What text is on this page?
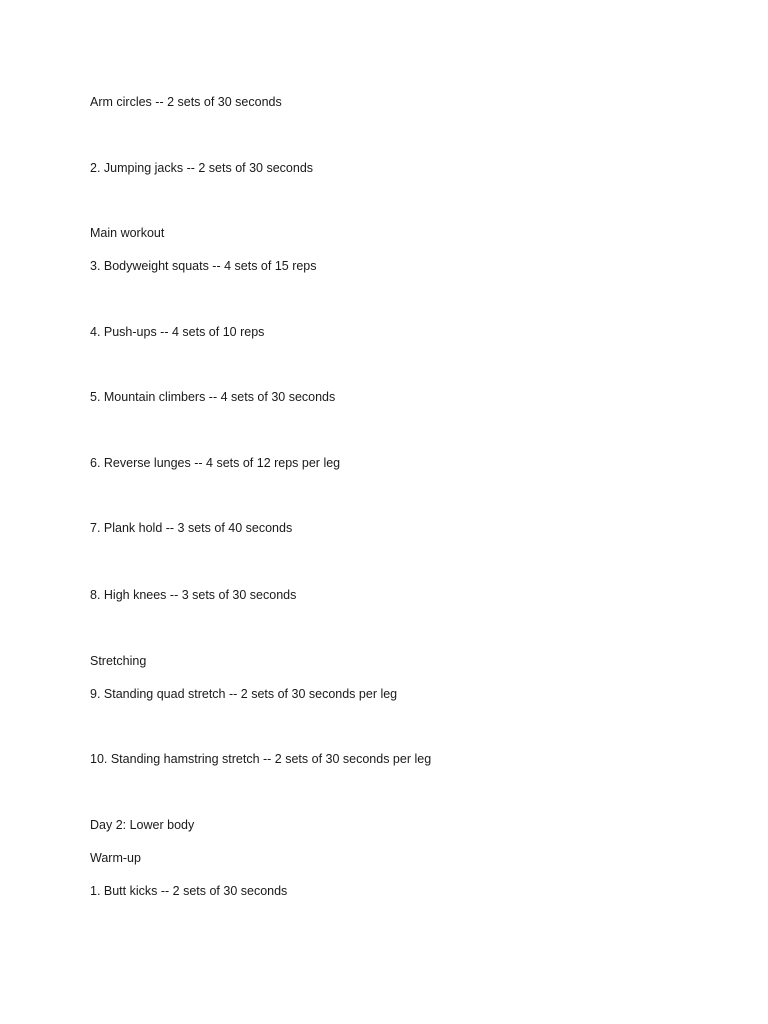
Arm circles -- 2 sets of 30 seconds

2. Jumping jacks -- 2 sets of 30 seconds

Main workout

3. Bodyweight squats -- 4 sets of 15 reps

4. Push-ups -- 4 sets of 10 reps

5. Mountain climbers -- 4 sets of 30 seconds

6. Reverse lunges -- 4 sets of 12 reps per leg

7. Plank hold -- 3 sets of 40 seconds

8. High knees -- 3 sets of 30 seconds

Stretching

9. Standing quad stretch -- 2 sets of 30 seconds per leg

10. Standing hamstring stretch -- 2 sets of 30 seconds per leg

Day 2: Lower body

Warm-up

1. Butt kicks -- 2 sets of 30 seconds
